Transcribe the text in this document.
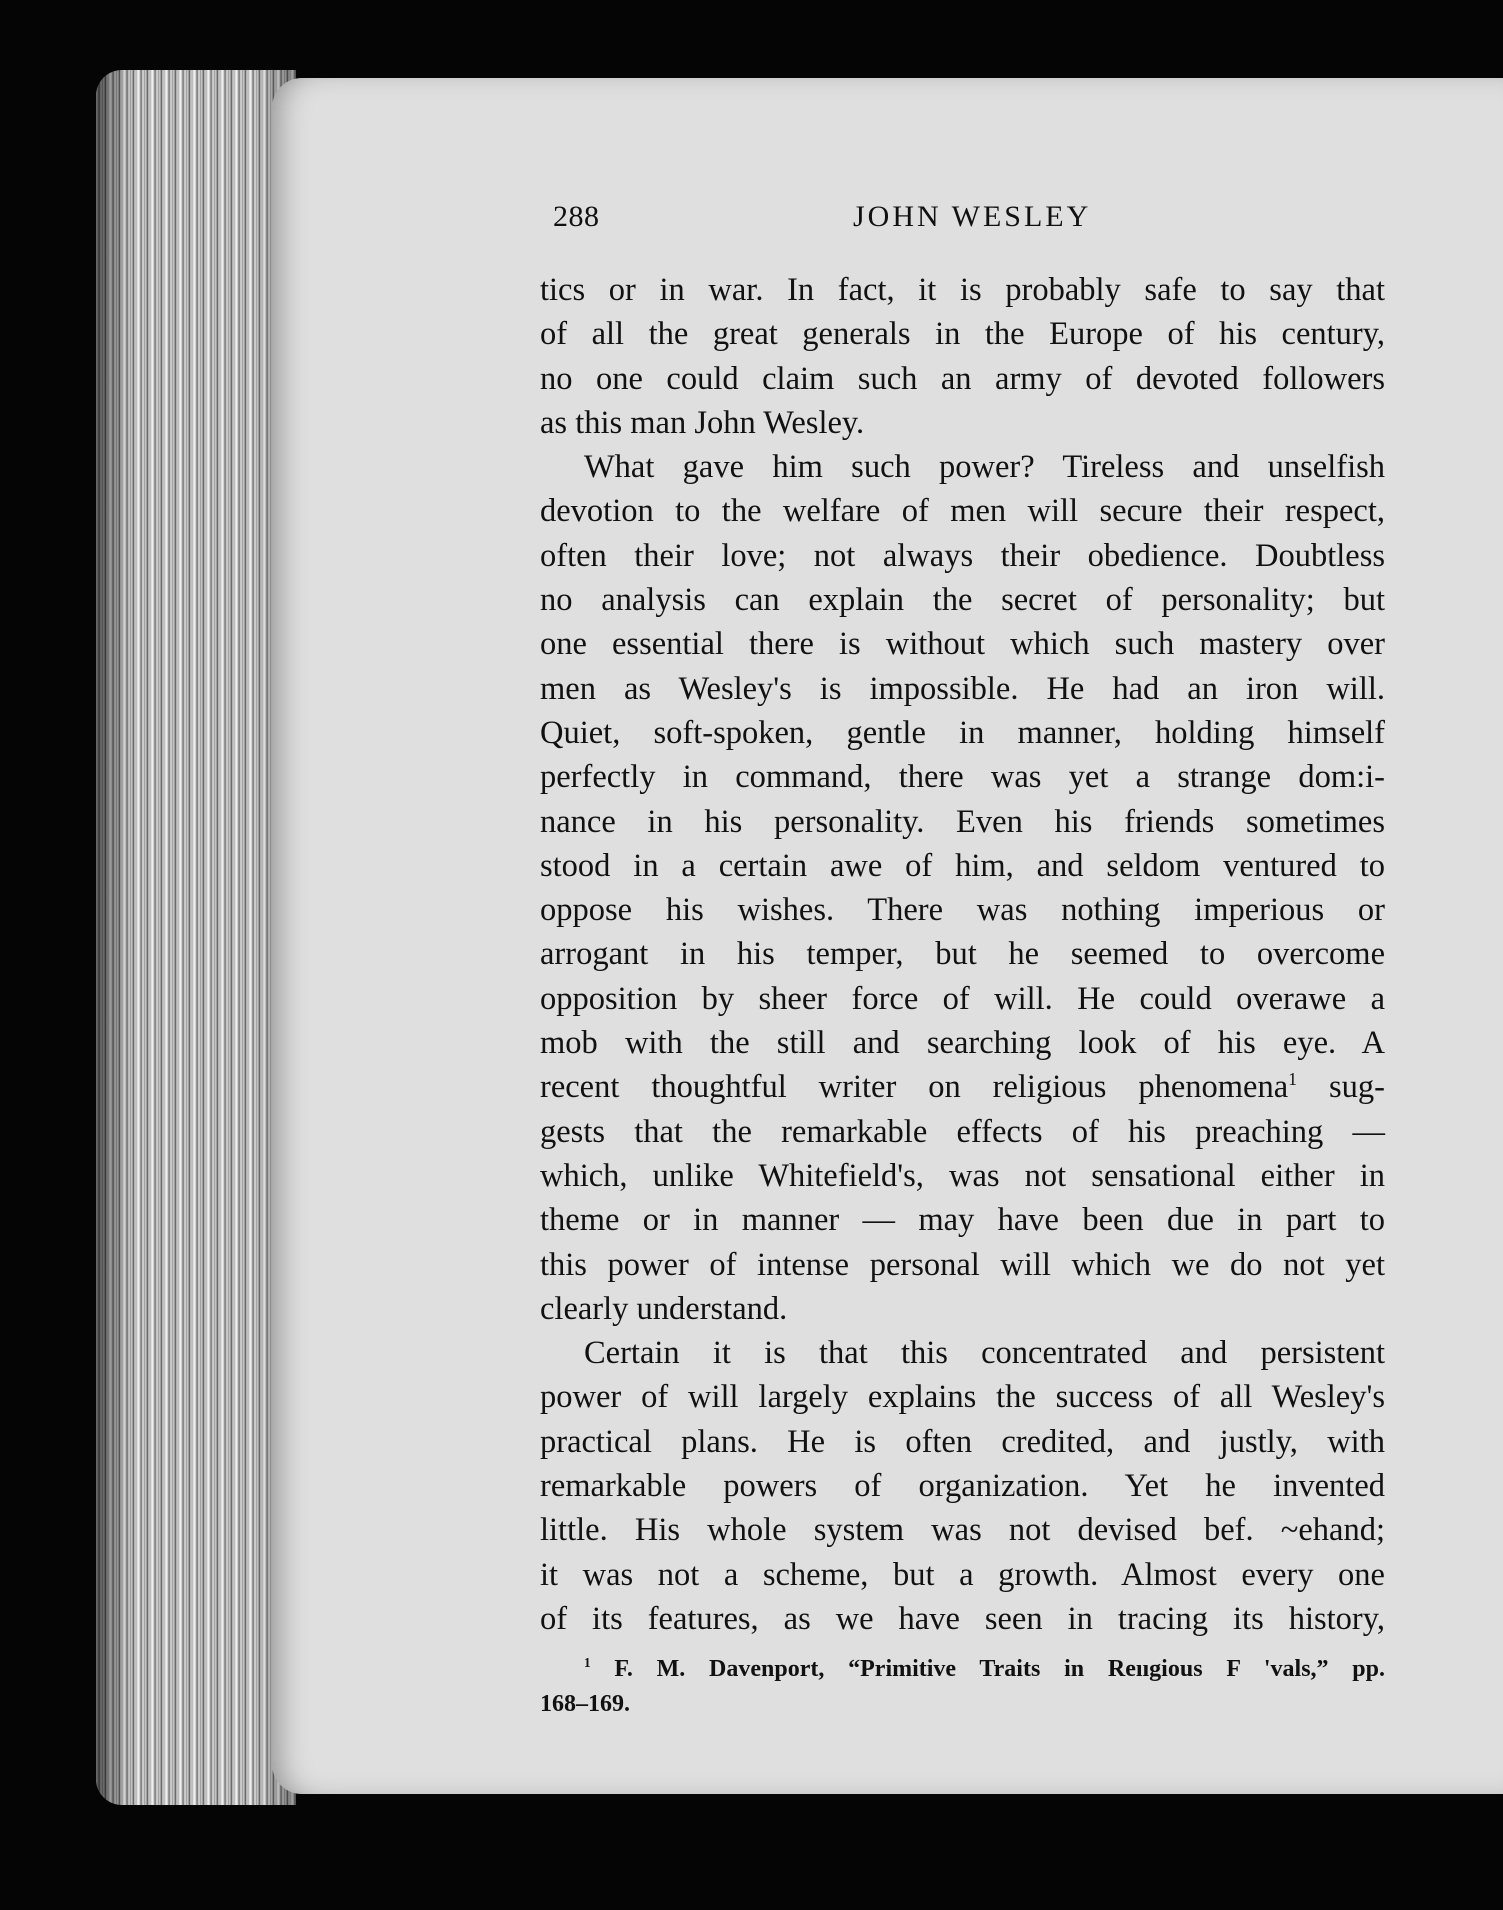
288	JOHN WESLEY

tics or in war. In fact, it is probably safe to say that
of all the great generals in the Europe of his century,
no one could claim such an army of devoted followers
as this man John Wesley.

What gave him such power? Tireless and unselfish
devotion to the welfare of men will secure their respect,
often their love; not always their obedience. Doubtless
no analysis can explain the secret of personality; but
one essential there is without which such mastery over
men as Wesley's is impossible. He had an iron will.
Quiet, soft-spoken, gentle in manner, holding himself
perfectly in command, there was yet a strange dom:i-
nance in his personality. Even his friends sometimes
stood in a certain awe of him, and seldom ventured to
oppose his wishes. There was nothing imperious or
arrogant in his temper, but he seemed to overcome
opposition by sheer force of will. He could overawe a
mob with the still and searching look of his eye. A
recent thoughtful writer on religious phenomena$^1$ sug-
gests that the remarkable effects of his preaching —
which, unlike Whitefield's, was not sensational either in
theme or in manner — may have been due in part to
this power of intense personal will which we do not yet
clearly understand.

Certain it is that this concentrated and persistent
power of will largely explains the success of all Wesley's
practical plans. He is often credited, and justly, with
remarkable powers of organization. Yet he invented
little. His whole system was not devised bef. ~ehand;
it was not a scheme, but a growth. Almost every one
of its features, as we have seen in tracing its history,

$^1$ F. M. Davenport, “Primitive Traits in Reııgious F 'vals,” pp.
168–169.
